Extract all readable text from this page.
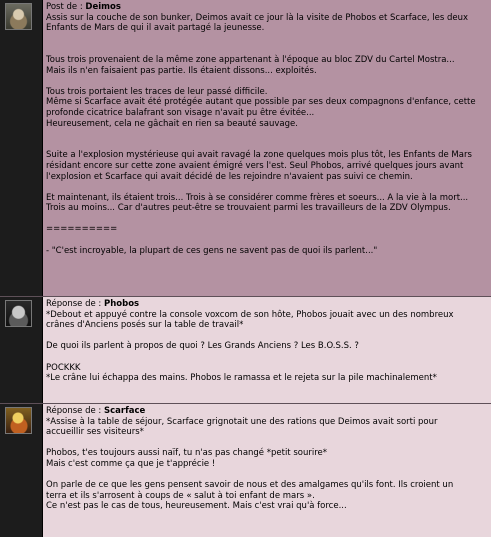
Post de : Deimos

Assis sur la couche de son bunker, Deimos avait ce jour là la visite de Phobos et Scarface, les deux
Enfants de Mars de qui il avait partagé la jeunesse.

Tous trois provenaient de la même zone appartenant à l'époque au bloc ZDV du Cartel Mostra...
Mais ils n'en faisaient pas partie. Ils étaient dissons... exploités.

Tous trois portaient les traces de leur passé difficile.
Même si Scarface avait été protégée autant que possible par ses deux compagnons d'enfance, cette
profonde cicatrice balafrant son visage n'avait pu être évitée...
Heureusement, cela ne gâchait en rien sa beauté sauvage.

Suite a l'explosion mystérieuse qui avait ravagé la zone quelques mois plus tôt, les Enfants de Mars
résidant encore sur cette zone avaient émigré vers l'est. Seul Phobos, arrivé quelques jours avant
l'explosion et Scarface qui avait décidé de les rejoindre n'avaient pas suivi ce chemin.

Et maintenant, ils étaient trois... Trois à se considérer comme frères et soeurs... A la vie à la mort...
Trois au moins... Car d'autres peut-être se trouvaient parmi les travailleurs de la ZDV Olympus.

==========

- "C'est incroyable, la plupart de ces gens ne savent pas de quoi ils parlent..."

Réponse de : Phobos

*Debout et appuyé contre la console voxcom de son hôte, Phobos jouait avec un des nombreux
crânes d'Anciens posés sur la table de travail*

De quoi ils parlent à propos de quoi ? Les Grands Anciens ? Les B.O.S.S. ?

POCKKK
*Le crâne lui échappa des mains. Phobos le ramassa et le rejeta sur la pile machinalement*

Réponse de : Scarface

*Assise à la table de séjour, Scarface grignotait une des rations que Deimos avait sorti pour
accueillir ses visiteurs*

Phobos, t'es toujours aussi naïf, tu n'as pas changé *petit sourire*
Mais c'est comme ça que je t'apprécie !

On parle de ce que les gens pensent savoir de nous et des amalgames qu'ils font. Ils croient un
terra et ils s'arrosent à coups de « salut à toi enfant de mars ».
Ce n'est pas le cas de tous, heureusement. Mais c'est vrai qu'à force...
